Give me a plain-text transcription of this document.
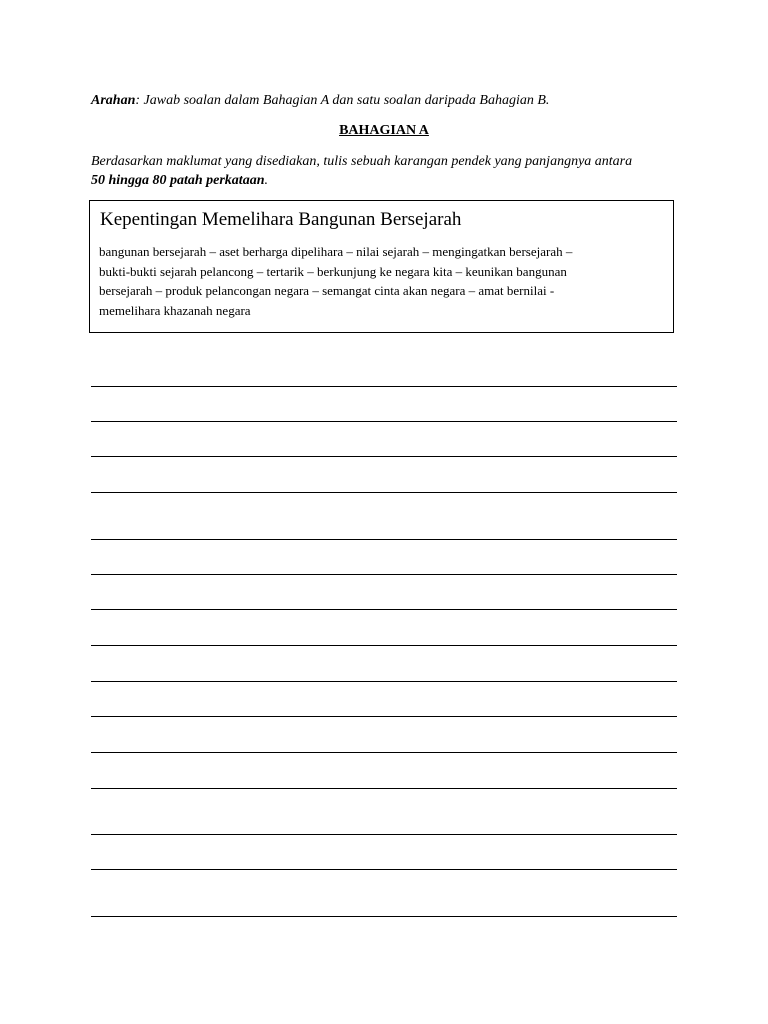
Arahan: Jawab soalan dalam Bahagian A dan satu soalan daripada Bahagian B.

BAHAGIAN A

Berdasarkan maklumat yang disediakan, tulis sebuah karangan pendek yang panjangnya antara
50 hingga 80 patah perkataan.

Kepentingan Memelihara Bangunan Bersejarah

bangunan bersejarah – aset berharga dipelihara – nilai sejarah – mengingatkan bersejarah –
bukti-bukti sejarah pelancong – tertarik – berkunjung ke negara kita – keunikan bangunan
bersejarah – produk pelancongan negara – semangat cinta akan negara – amat bernilai -
memelihara khazanah negara
